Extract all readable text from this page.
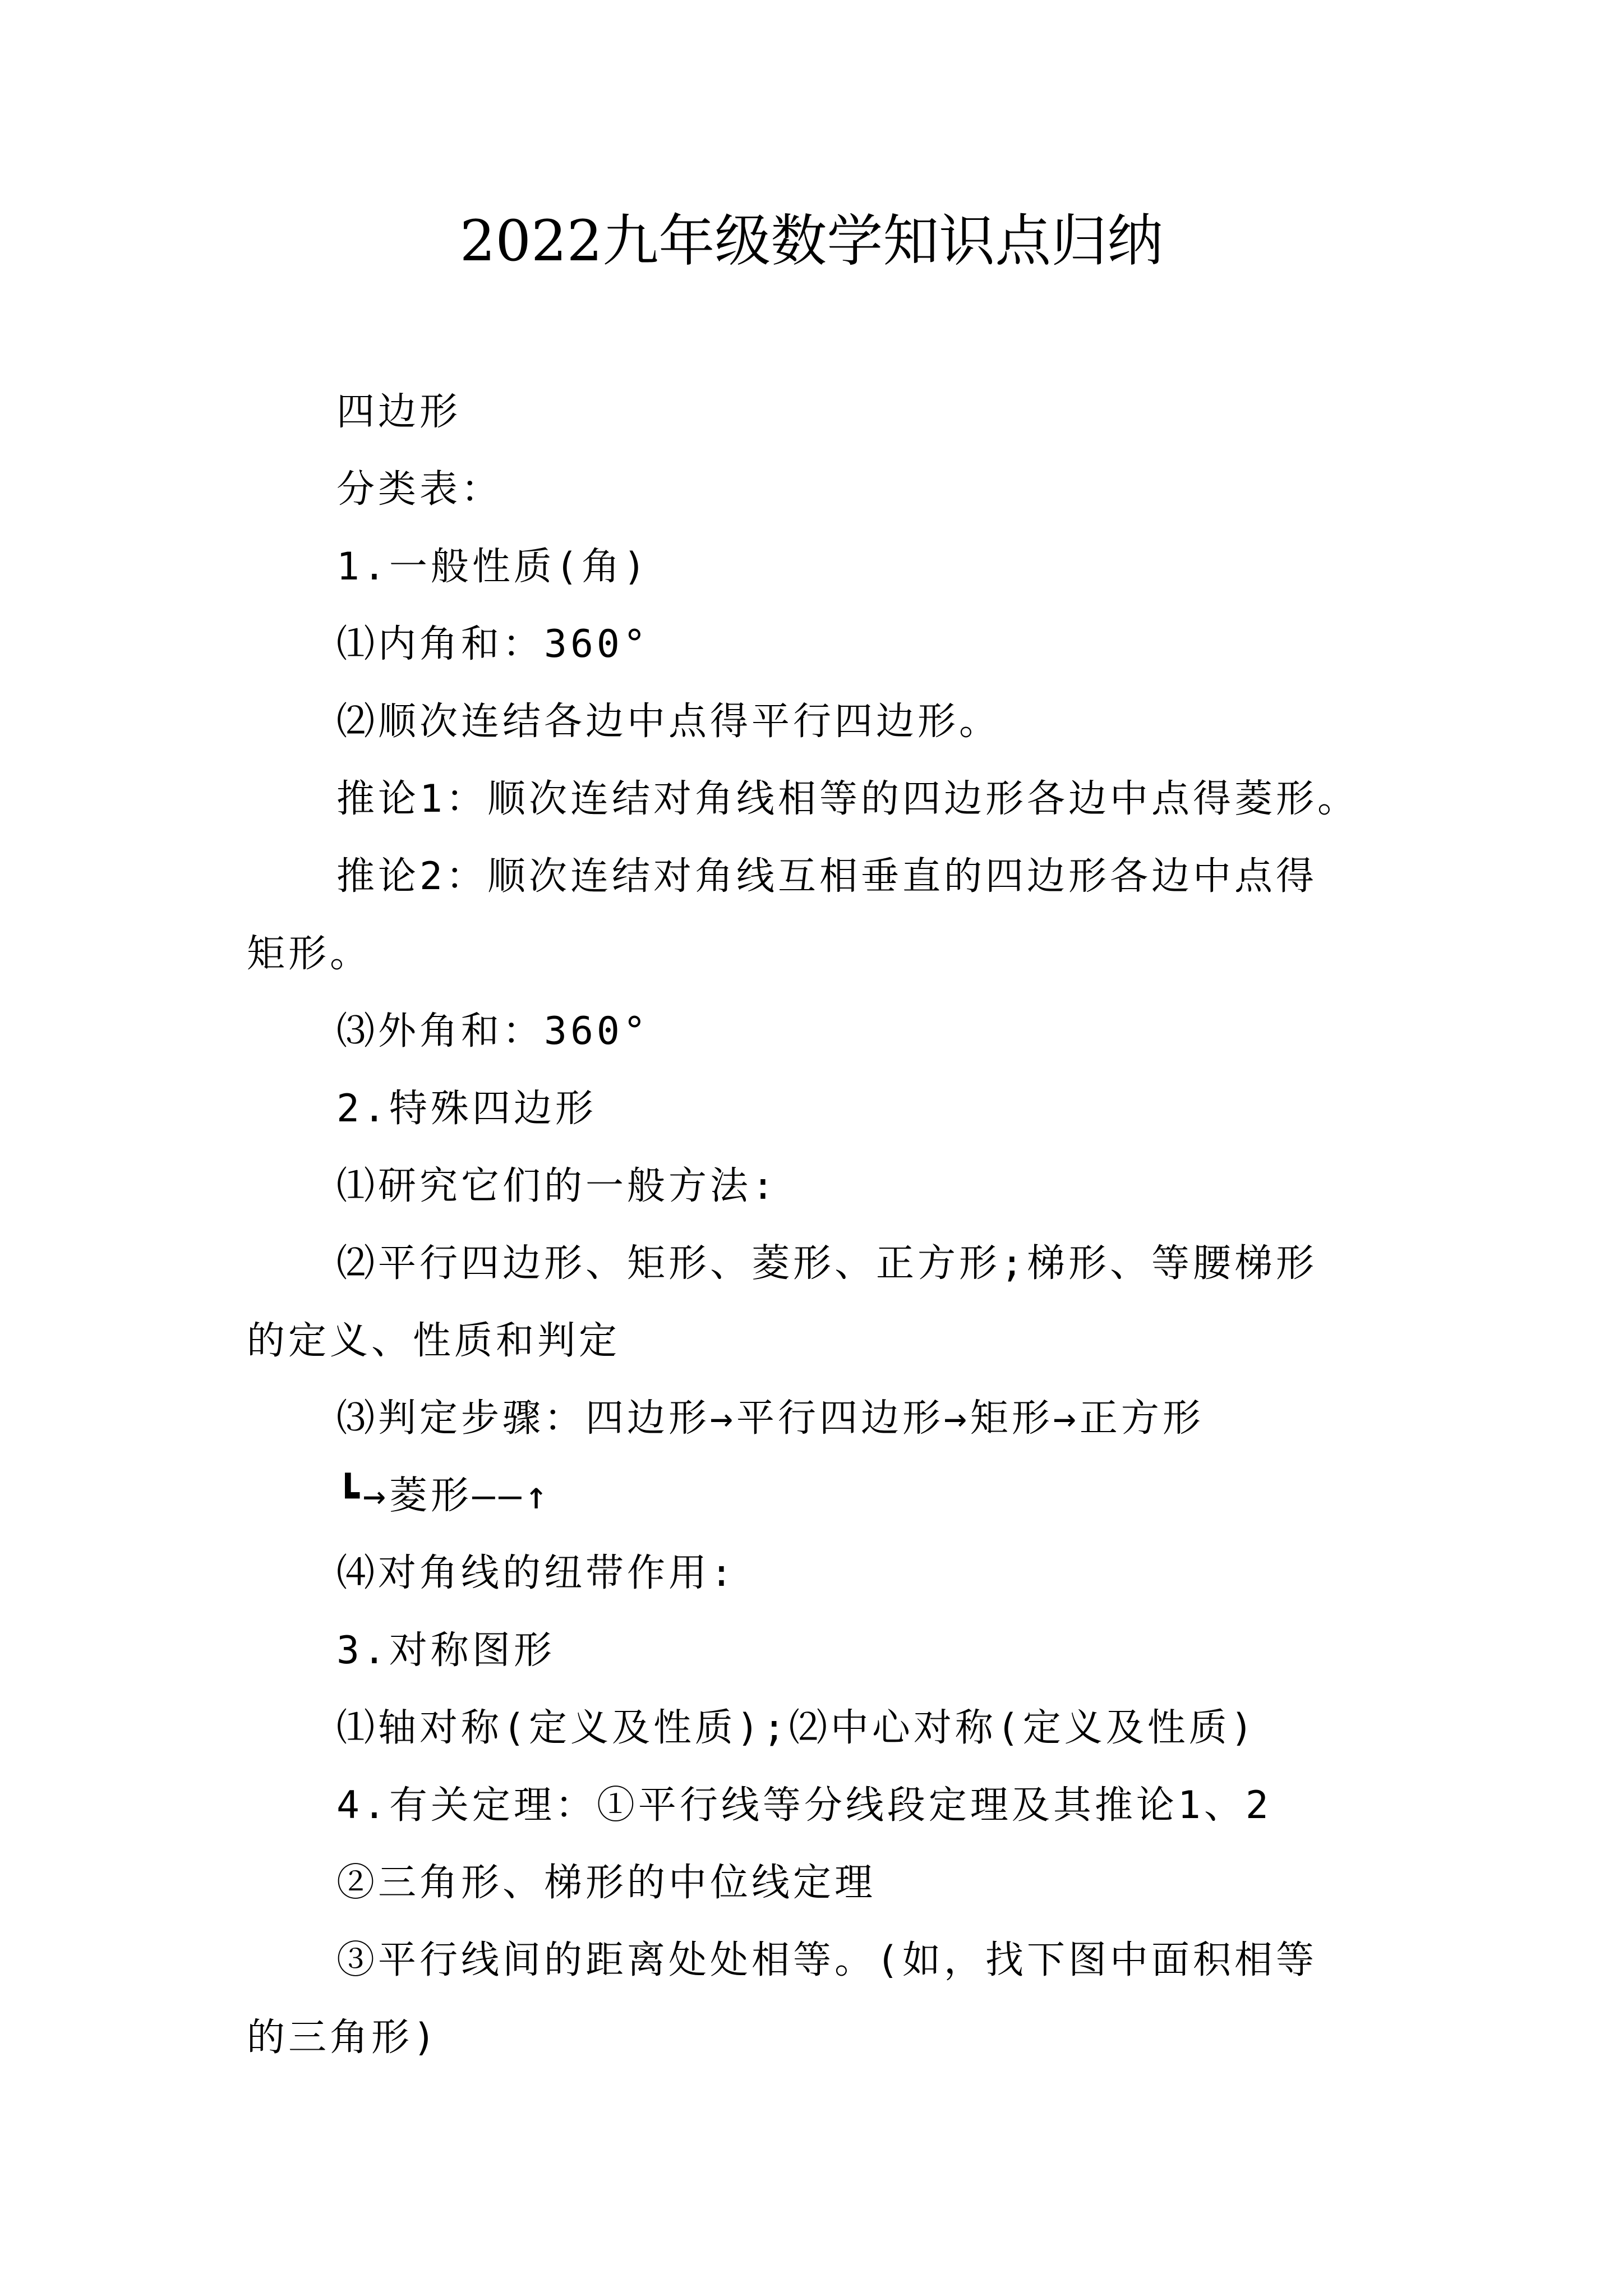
2022九年级数学知识点归纳
四边形
分类表：
1.一般性质(角)
⑴内角和：360°
⑵顺次连结各边中点得平行四边形。
推论1：顺次连结对角线相等的四边形各边中点得菱形。
推论2：顺次连结对角线互相垂直的四边形各边中点得
矩形。
⑶外角和：360°
2.特殊四边形
⑴研究它们的一般方法:
⑵平行四边形、矩形、菱形、正方形;梯形、等腰梯形
的定义、性质和判定
⑶判定步骤：四边形→平行四边形→矩形→正方形
┗→菱形——↑
⑷对角线的纽带作用:
3.对称图形
⑴轴对称(定义及性质);⑵中心对称(定义及性质)
4.有关定理：①平行线等分线段定理及其推论1、2
②三角形、梯形的中位线定理
③平行线间的距离处处相等。(如，找下图中面积相等
的三角形)
